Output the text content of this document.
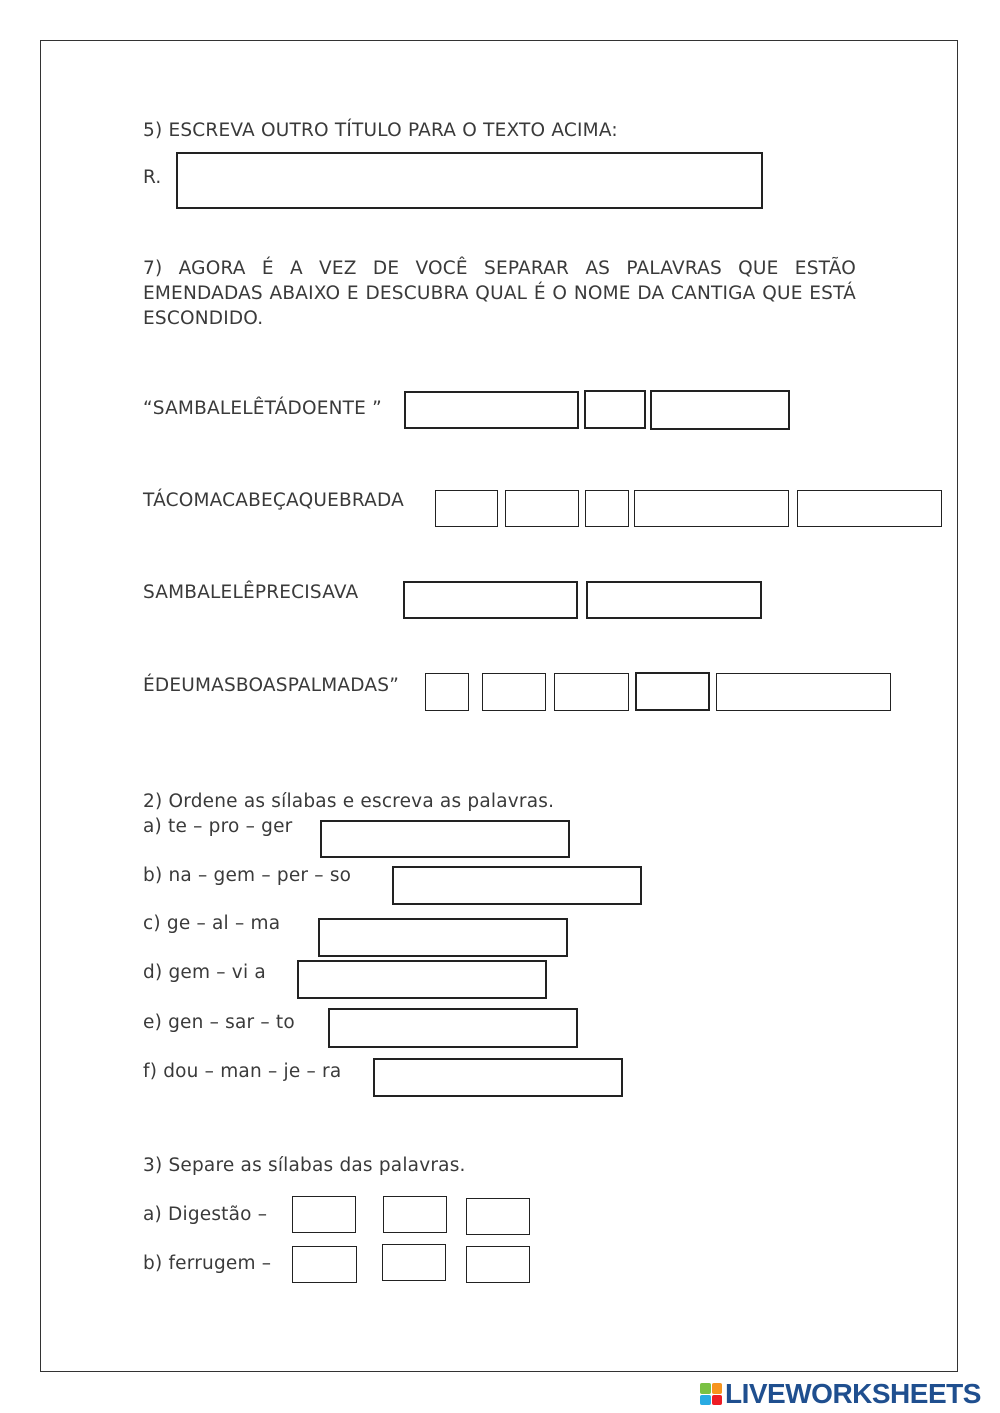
5) ESCREVA OUTRO TÍTULO PARA O TEXTO ACIMA:
R.
7) AGORA É A VEZ DE VOCÊ SEPARAR AS PALAVRAS QUE ESTÃO EMENDADAS ABAIXO E DESCUBRA QUAL É O NOME DA CANTIGA QUE ESTÁ ESCONDIDO.
“SAMBALELÊTÁDOENTE ”
TÁCOMACABEÇAQUEBRADA
SAMBALELÊPRECISAVA
ÉDEUMASBOASPALMADAS”
2) Ordene as sílabas e escreva as palavras.
a) te – pro – ger
b) na – gem – per – so
c) ge – al – ma
d) gem – vi a
e) gen – sar – to
f) dou – man – je – ra
3) Separe as sílabas das palavras.
a) Digestão –
b) ferrugem –
LIVEWORKSHEETS
